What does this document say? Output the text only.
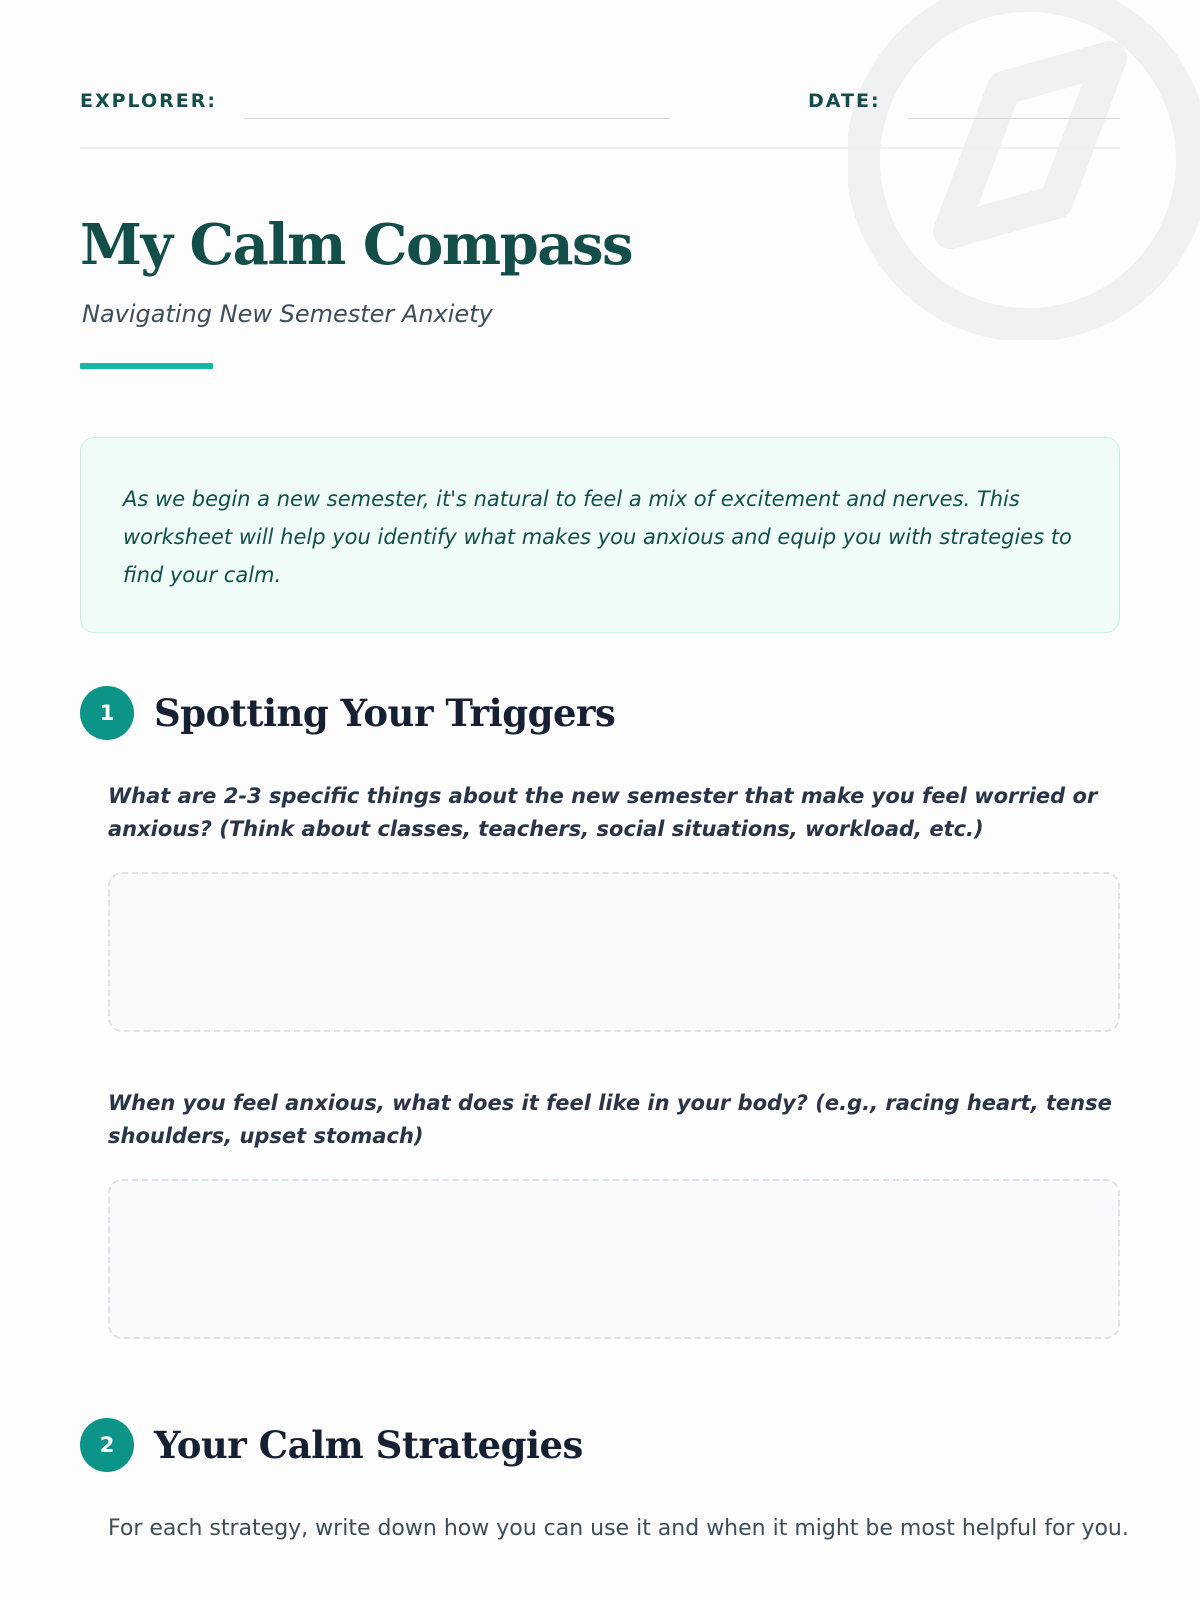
EXPLORER:	DATE:
My Calm Compass
Navigating New Semester Anxiety

As we begin a new semester, it's natural to feel a mix of excitement and nerves. This worksheet will help you identify what makes you anxious and equip you with strategies to find your calm.

1	Spotting Your Triggers

What are 2-3 specific things about the new semester that make you feel worried or anxious? (Think about classes, teachers, social situations, workload, etc.)

When you feel anxious, what does it feel like in your body? (e.g., racing heart, tense shoulders, upset stomach)

2	Your Calm Strategies

For each strategy, write down how you can use it and when it might be most helpful for you.
